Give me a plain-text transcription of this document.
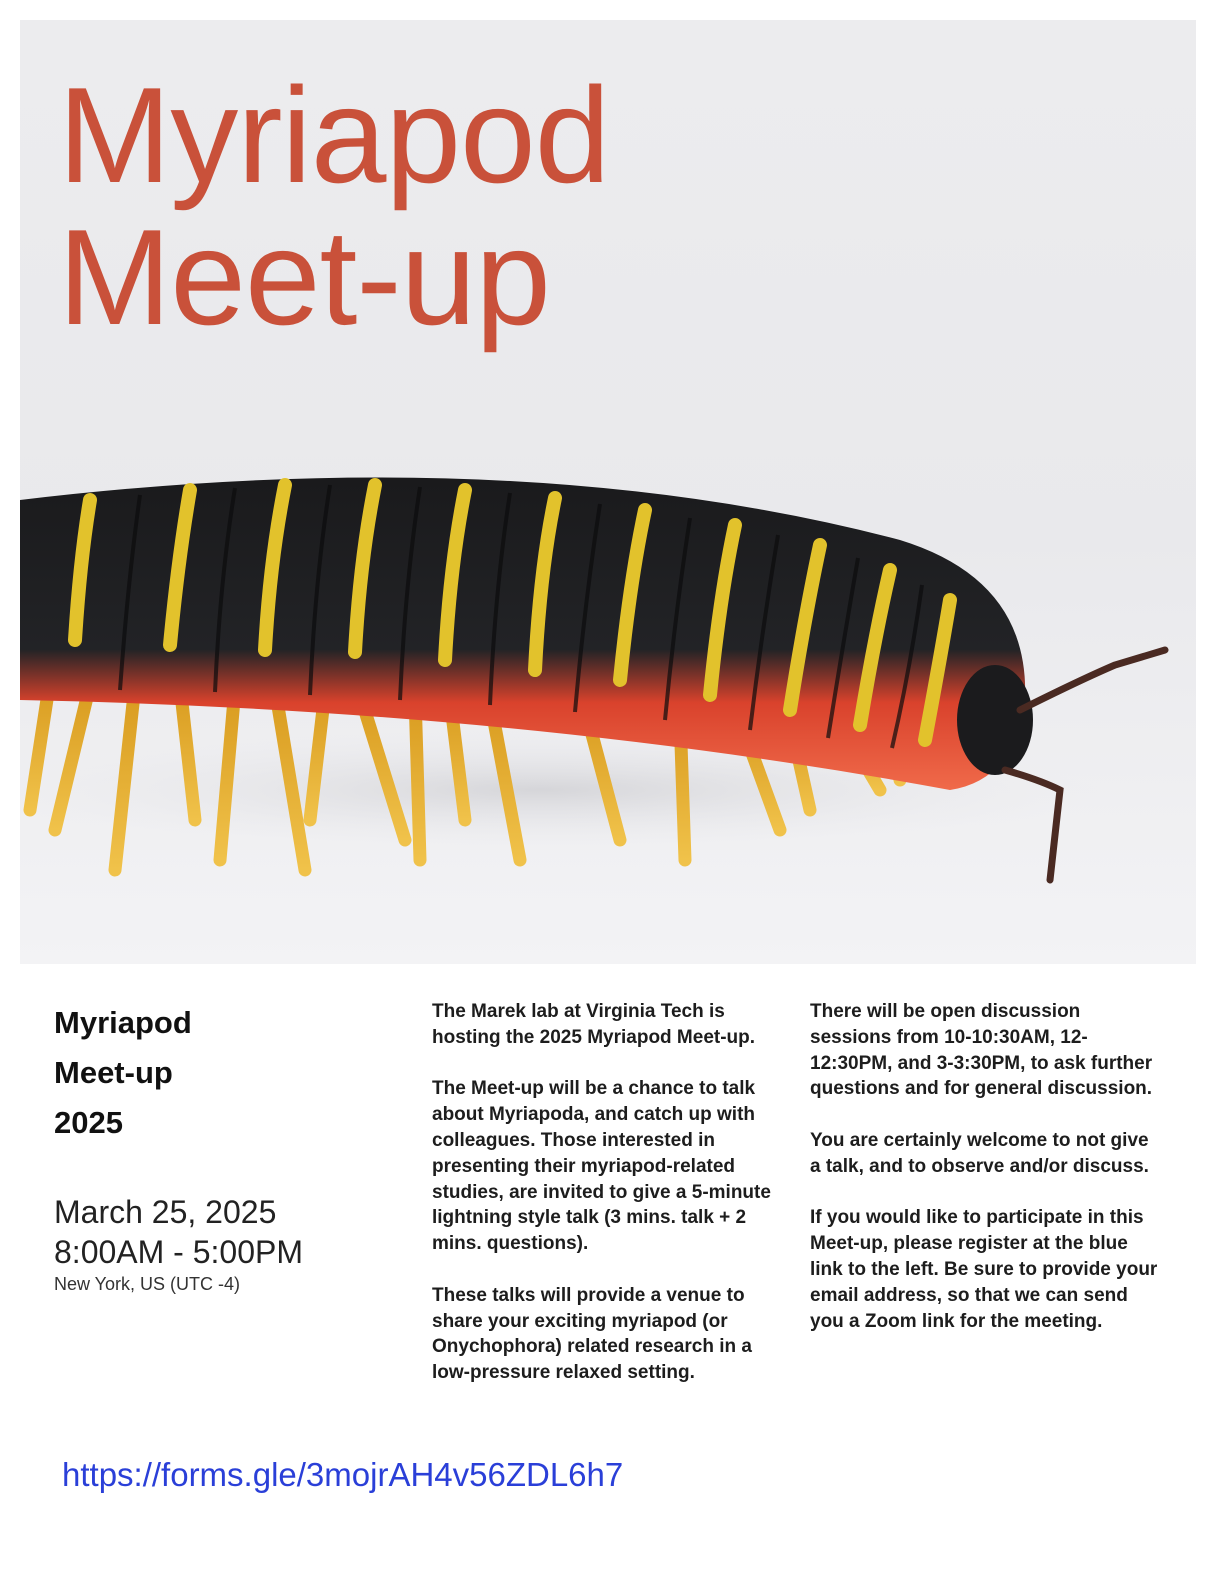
Myriapod
Meet-up
Myriapod
Meet-up
2025
March 25, 2025
8:00AM - 5:00PM
New York, US (UTC -4)

The Marek lab at Virginia Tech is hosting the 2025 Myriapod Meet-up.

The Meet-up will be a chance to talk about Myriapoda, and catch up with colleagues. Those interested in presenting their myriapod-related studies, are invited to give a 5-minute lightning style talk (3 mins. talk + 2 mins. questions).

These talks will provide a venue to share your exciting myriapod (or Onychophora) related research in a low-pressure relaxed setting.

There will be open discussion sessions from 10-10:30AM, 12-12:30PM, and 3-3:30PM, to ask further questions and for general discussion.

You are certainly welcome to not give a talk, and to observe and/or discuss.

If you would like to participate in this Meet-up, please register at the blue link to the left. Be sure to provide your email address, so that we can send you a Zoom link for the meeting.

https://forms.gle/3mojrAH4v56ZDL6h7
